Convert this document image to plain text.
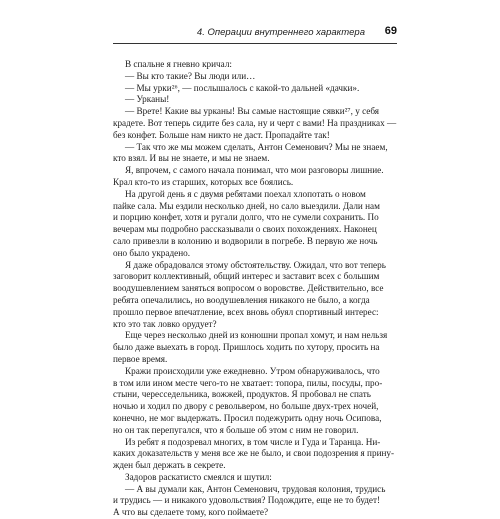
4. Операции внутреннего характера 69
В спальне я гневно кричал:
— Вы кто такие? Вы люди или…
— Мы урки²⁶, — послышалось с какой-то дальней «дачки».
— Урканы!
— Врете! Какие вы урканы! Вы самые настоящие сявки²⁷, у себя
крадете. Вот теперь сидите без сала, ну и черт с вами! На праздниках —
без конфет. Больше нам никто не даст. Пропадайте так!
— Так что же мы можем сделать, Антон Семенович? Мы не знаем,
кто взял. И вы не знаете, и мы не знаем.
Я, впрочем, с самого начала понимал, что мои разговоры лишние.
Крал кто-то из старших, которых все боялись.
На другой день я с двумя ребятами поехал хлопотать о новом
пайке сала. Мы ездили несколько дней, но сало выездили. Дали нам
и порцию конфет, хотя и ругали долго, что не сумели сохранить. По
вечерам мы подробно рассказывали о своих похождениях. Наконец
сало привезли в колонию и водворили в погребе. В первую же ночь
оно было украдено.
Я даже обрадовался этому обстоятельству. Ожидал, что вот теперь
заговорит коллективный, общий интерес и заставит всех с большим
воодушевлением заняться вопросом о воровстве. Действительно, все
ребята опечалились, но воодушевления никакого не было, а когда
прошло первое впечатление, всех вновь обуял спортивный интерес:
кто это так ловко орудует?
Еще через несколько дней из конюшни пропал хомут, и нам нельзя
было даже выехать в город. Пришлось ходить по хутору, просить на
первое время.
Кражи происходили уже ежедневно. Утром обнаруживалось, что
в том или ином месте чего-то не хватает: топора, пилы, посуды, про-
стыни, чересседельника, вожжей, продуктов. Я пробовал не спать
ночью и ходил по двору с револьвером, но больше двух-трех ночей,
конечно, не мог выдержать. Просил подежурить одну ночь Осипова,
но он так перепугался, что я больше об этом с ним не говорил.
Из ребят я подозревал многих, в том числе и Гуда и Таранца. Ни-
каких доказательств у меня все же не было, и свои подозрения я прину-
жден был держать в секрете.
Задоров раскатисто смеялся и шутил:
— А вы думали как, Антон Семенович, трудовая колония, трудись
и трудись — и никакого удовольствия? Подождите, еще не то будет!
А что вы сделаете тому, кого поймаете?
